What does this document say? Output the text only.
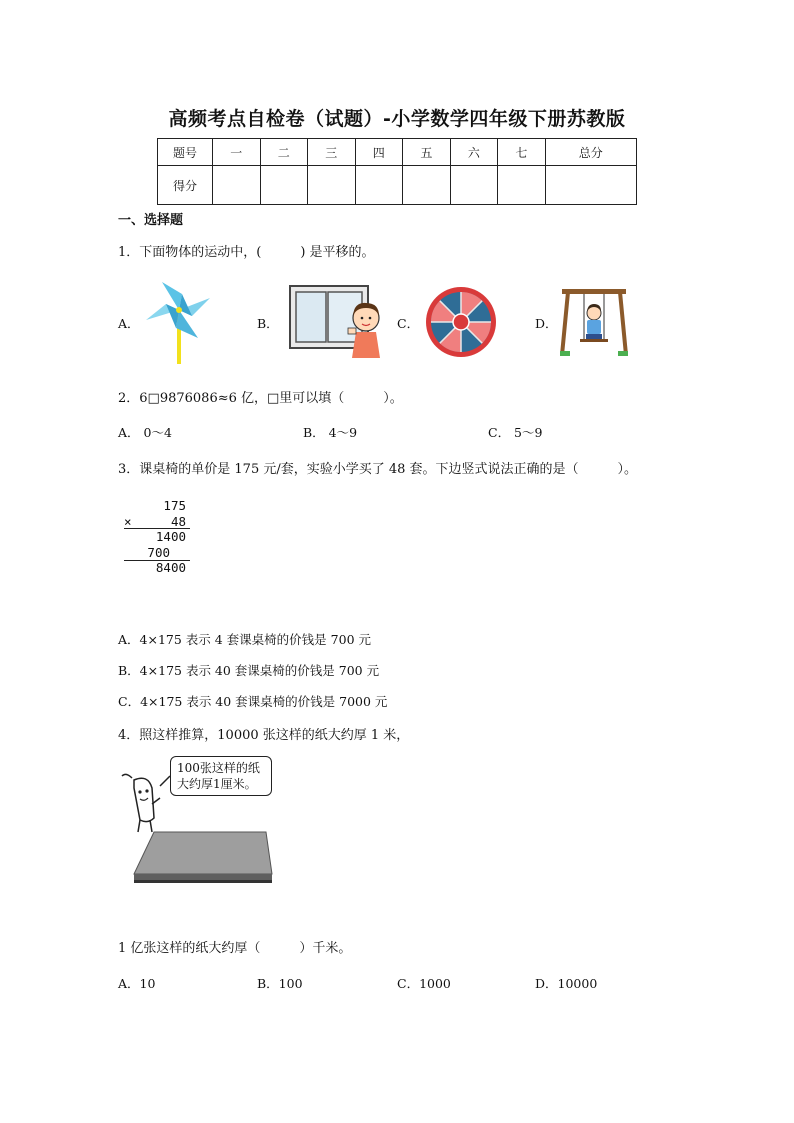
高频考点自检卷（试题）-小学数学四年级下册苏教版
题号	一	二	三	四	五	六	七	总分
得分								
一、选择题
1．下面物体的运动中，(　　　) 是平移的。
A．	B．	C．	D．
2．6□9876086≈6 亿，□里可以填（　　　）。
A． 0～4	B． 4～9	C． 5～9
3．课桌椅的单价是 175 元/套，实验小学买了 48 套。下边竖式说法正确的是（　　　）。
175
×	48
1400
700
8400
A．4×175 表示 4 套课桌椅的价钱是 700 元
B．4×175 表示 40 套课桌椅的价钱是 700 元
C．4×175 表示 40 套课桌椅的价钱是 7000 元
4．照这样推算，10000 张这样的纸大约厚 1 米，
100张这样的纸
大约厚1厘米。
1 亿张这样的纸大约厚（　　　）千米。
A．10	B．100	C．1000	D．10000
